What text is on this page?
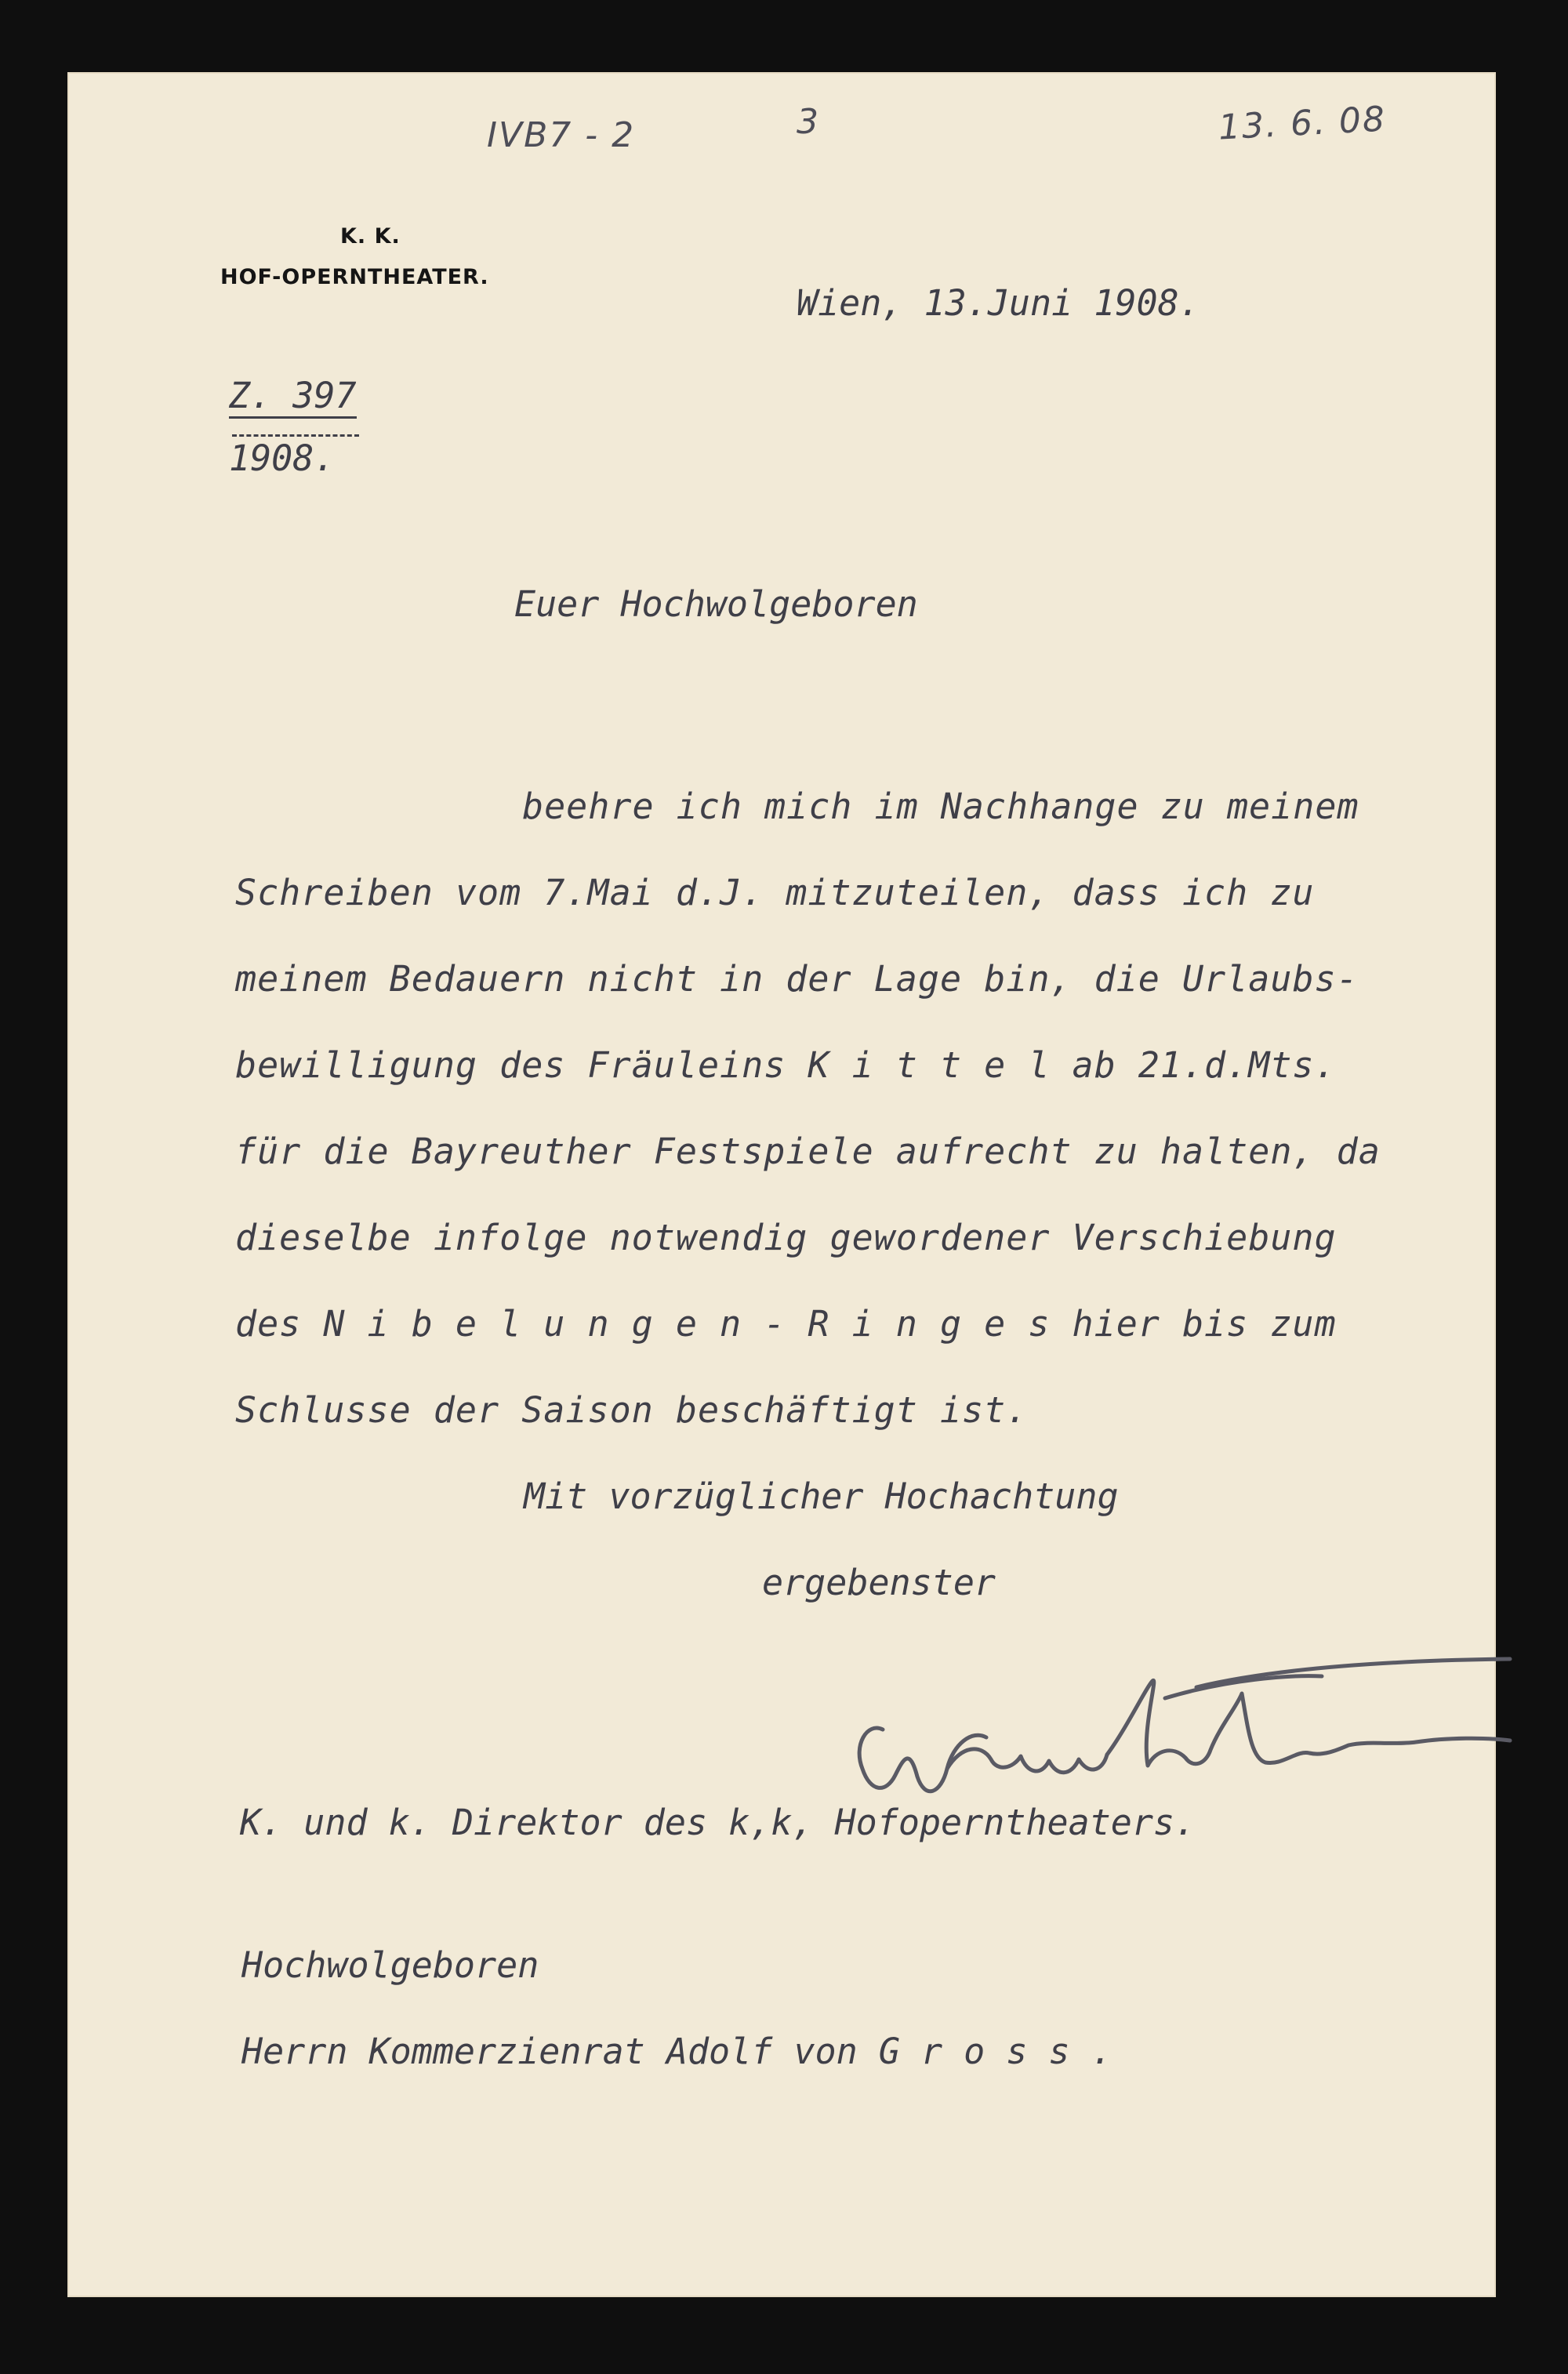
IVB7 - 2	3	13. 6. 08
K. K.
HOF-OPERNTHEATER.
Wien, 13.Juni 1908.
Z. 397
1908.
Euer Hochwolgeboren
beehre ich mich im Nachhange zu meinem
Schreiben vom 7.Mai d.J. mitzuteilen, dass ich zu
meinem Bedauern nicht in der Lage bin, die Urlaubs-
bewilligung des Fräuleins K i t t e l ab 21.d.Mts.
für die Bayreuther Festspiele aufrecht zu halten, da
dieselbe infolge notwendig gewordener Verschiebung
des N i b e l u n g e n - R i n g e s hier bis zum
Schlusse der Saison beschäftigt ist.
Mit vorzüglicher Hochachtung
ergebenster
K. und k. Direktor des k,k, Hofoperntheaters.
Hochwolgeboren
Herrn Kommerzienrat Adolf von G r o s s .
